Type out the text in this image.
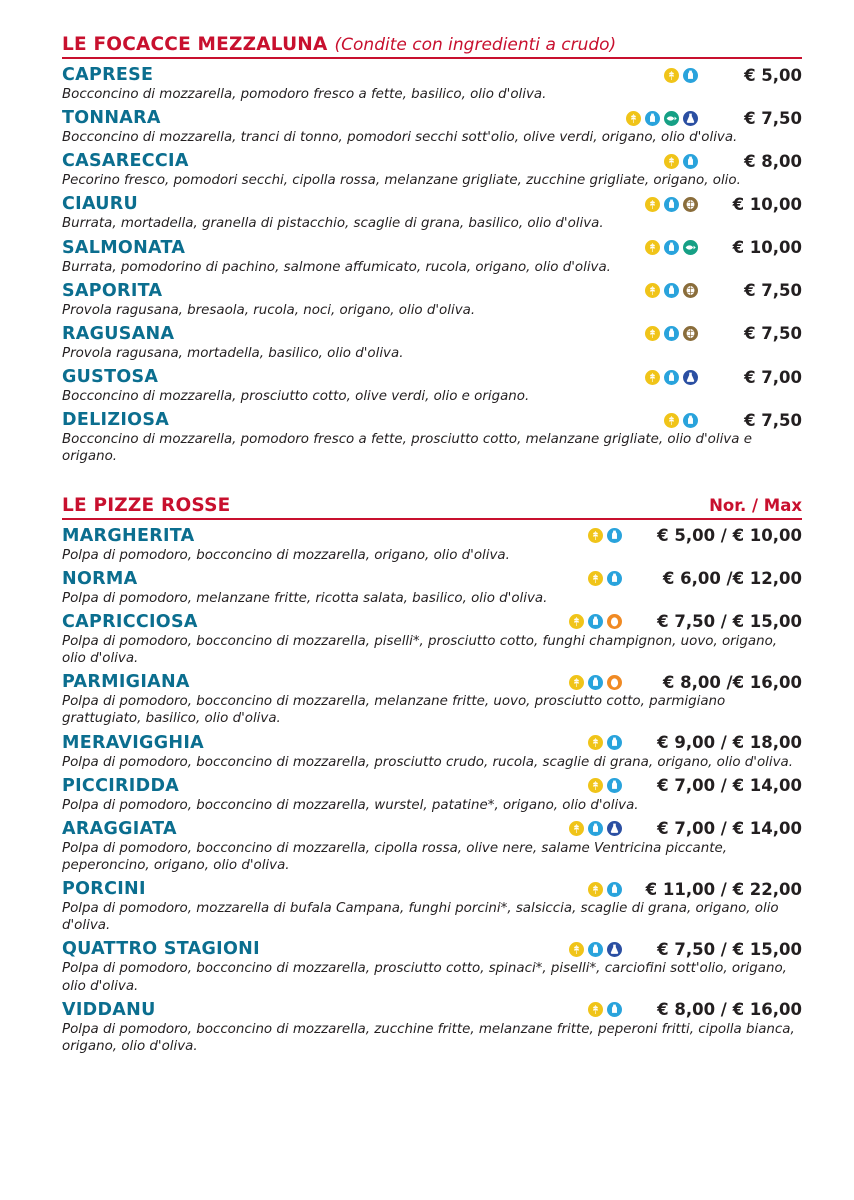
LE FOCACCE MEZZALUNA (Condite con ingredienti a crudo)
CAPRESE	€ 5,00
Bocconcino di mozzarella, pomodoro fresco a fette, basilico, olio d'oliva.
TONNARA	€ 7,50
Bocconcino di mozzarella, tranci di tonno, pomodori secchi sott'olio, olive verdi, origano, olio d'oliva.
CASARECCIA	€ 8,00
Pecorino fresco, pomodori secchi, cipolla rossa, melanzane grigliate, zucchine grigliate, origano, olio.
CIAURU	€ 10,00
Burrata, mortadella, granella di pistacchio, scaglie di grana, basilico, olio d'oliva.
SALMONATA	€ 10,00
Burrata, pomodorino di pachino, salmone affumicato, rucola, origano, olio d'oliva.
SAPORITA	€ 7,50
Provola ragusana, bresaola, rucola, noci, origano, olio d'oliva.
RAGUSANA	€ 7,50
Provola ragusana, mortadella, basilico, olio d'oliva.
GUSTOSA	€ 7,00
Bocconcino di mozzarella, prosciutto cotto, olive verdi, olio e origano.
DELIZIOSA	€ 7,50
Bocconcino di mozzarella, pomodoro fresco a fette, prosciutto cotto, melanzane grigliate, olio d'oliva e origano.
LE PIZZE ROSSE	Nor. / Max
MARGHERITA	€ 5,00 / € 10,00
Polpa di pomodoro, bocconcino di mozzarella, origano, olio d'oliva.
NORMA	€ 6,00 /€ 12,00
Polpa di pomodoro, melanzane fritte, ricotta salata, basilico, olio d'oliva.
CAPRICCIOSA	€ 7,50 / € 15,00
Polpa di pomodoro, bocconcino di mozzarella, piselli*, prosciutto cotto, funghi champignon, uovo, origano, olio d'oliva.
PARMIGIANA	€ 8,00 /€ 16,00
Polpa di pomodoro, bocconcino di mozzarella, melanzane fritte, uovo, prosciutto cotto, parmigiano grattugiato, basilico, olio d'oliva.
MERAVIGGHIA	€ 9,00 / € 18,00
Polpa di pomodoro, bocconcino di mozzarella, prosciutto crudo, rucola, scaglie di grana, origano, olio d'oliva.
PICCIRIDDA	€ 7,00 / € 14,00
Polpa di pomodoro, bocconcino di mozzarella, wurstel, patatine*, origano, olio d'oliva.
ARAGGIATA	€ 7,00 / € 14,00
Polpa di pomodoro, bocconcino di mozzarella, cipolla rossa, olive nere, salame Ventricina piccante, peperoncino, origano, olio d'oliva.
PORCINI	€ 11,00 / € 22,00
Polpa di pomodoro, mozzarella di bufala Campana, funghi porcini*, salsiccia, scaglie di grana, origano, olio d'oliva.
QUATTRO STAGIONI	€ 7,50 / € 15,00
Polpa di pomodoro, bocconcino di mozzarella, prosciutto cotto, spinaci*, piselli*, carciofini sott'olio, origano, olio d'oliva.
VIDDANU	€ 8,00 / € 16,00
Polpa di pomodoro, bocconcino di mozzarella, zucchine fritte, melanzane fritte, peperoni fritti, cipolla bianca, origano, olio d'oliva.
